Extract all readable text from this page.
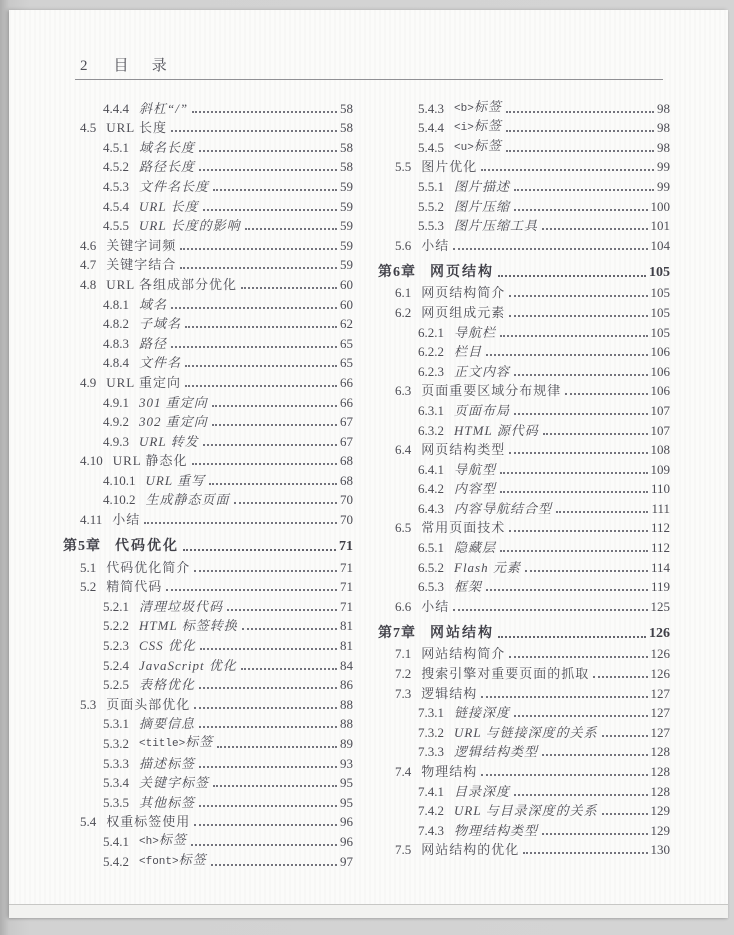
2 目录
4.4.4 斜杠“/”	58
4.5 URL 长度	58
4.5.1 域名长度	58
4.5.2 路径长度	58
4.5.3 文件名长度	59
4.5.4 URL 长度	59
4.5.5 URL 长度的影响	59
4.6 关键字词频	59
4.7 关键字结合	59
4.8 URL 各组成部分优化	60
4.8.1 域名	60
4.8.2 子域名	62
4.8.3 路径	65
4.8.4 文件名	65
4.9 URL 重定向	66
4.9.1 301 重定向	66
4.9.2 302 重定向	67
4.9.3 URL 转发	67
4.10 URL 静态化	68
4.10.1 URL 重写	68
4.10.2 生成静态页面	70
4.11 小结	70
第5章 代码优化	71
5.1 代码优化简介	71
5.2 精简代码	71
5.2.1 清理垃圾代码	71
5.2.2 HTML 标签转换	81
5.2.3 CSS 优化	81
5.2.4 JavaScript 优化	84
5.2.5 表格优化	86
5.3 页面头部优化	88
5.3.1 摘要信息	88
5.3.2 <title>标签	89
5.3.3 描述标签	93
5.3.4 关键字标签	95
5.3.5 其他标签	95
5.4 权重标签使用	96
5.4.1 <h>标签	96
5.4.2 <font>标签	97
5.4.3 <b>标签	98
5.4.4 <i>标签	98
5.4.5 <u>标签	98
5.5 图片优化	99
5.5.1 图片描述	99
5.5.2 图片压缩	100
5.5.3 图片压缩工具	101
5.6 小结	104
第6章 网页结构	105
6.1 网页结构简介	105
6.2 网页组成元素	105
6.2.1 导航栏	105
6.2.2 栏目	106
6.2.3 正文内容	106
6.3 页面重要区域分布规律	106
6.3.1 页面布局	107
6.3.2 HTML 源代码	107
6.4 网页结构类型	108
6.4.1 导航型	109
6.4.2 内容型	110
6.4.3 内容导航结合型	111
6.5 常用页面技术	112
6.5.1 隐藏层	112
6.5.2 Flash 元素	114
6.5.3 框架	119
6.6 小结	125
第7章 网站结构	126
7.1 网站结构简介	126
7.2 搜索引擎对重要页面的抓取	126
7.3 逻辑结构	127
7.3.1 链接深度	127
7.3.2 URL 与链接深度的关系	127
7.3.3 逻辑结构类型	128
7.4 物理结构	128
7.4.1 目录深度	128
7.4.2 URL 与目录深度的关系	129
7.4.3 物理结构类型	129
7.5 网站结构的优化	130
